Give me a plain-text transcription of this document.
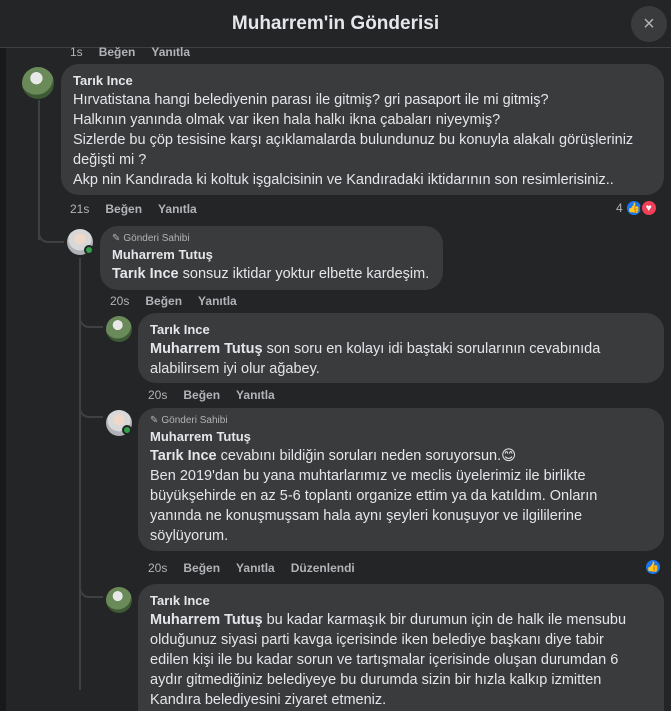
Muharrem'in Gönderisi	×
1s Beğen Yanıtla
Tarık Ince
Hırvatistana hangi belediyenin parası ile gitmiş? gri pasaport ile mi gitmiş?
Halkının yanında olmak var iken hala halkı ikna çabaları niyeymiş?
Sizlerde bu çöp tesisine karşı açıklamalarda bulundunuz bu konuyla alakalı görüşleriniz
değişti mi ?
Akp nin Kandırada ki koltuk işgalcisinin ve Kandıradaki iktidarının son resimlerisiniz..
21s Beğen Yanıtla	4 👍 ♥
✎ Gönderi Sahibi
Muharrem Tutuş
Tarık Ince sonsuz iktidar yoktur elbette kardeşim.
20s Beğen Yanıtla
Tarık Ince
Muharrem Tutuş son soru en kolayı idi baştaki sorularının cevabınıda
alabilirsem iyi olur ağabey.
20s Beğen Yanıtla
✎ Gönderi Sahibi
Muharrem Tutuş
Tarık Ince cevabını bildiğin soruları neden soruyorsun.😊
Ben 2019'dan bu yana muhtarlarımız ve meclis üyelerimiz ile birlikte
büyükşehirde en az 5-6 toplantı organize ettim ya da katıldım. Onların
yanında ne konuşmuşsam hala aynı şeyleri konuşuyor ve ilgililerine
söylüyorum.
20s Beğen Yanıtla Düzenlendi	👍
Tarık Ince
Muharrem Tutuş bu kadar karmaşık bir durumun için de halk ile mensubu
olduğunuz siyasi parti kavga içerisinde iken belediye başkanı diye tabir
edilen kişi ile bu kadar sorun ve tartışmalar içerisinde oluşan durumdan 6
aydır gitmediğiniz belediyeye bu durumda sizin bir hızla kalkıp izmitten
Kandıra belediyesini ziyaret etmeniz.
